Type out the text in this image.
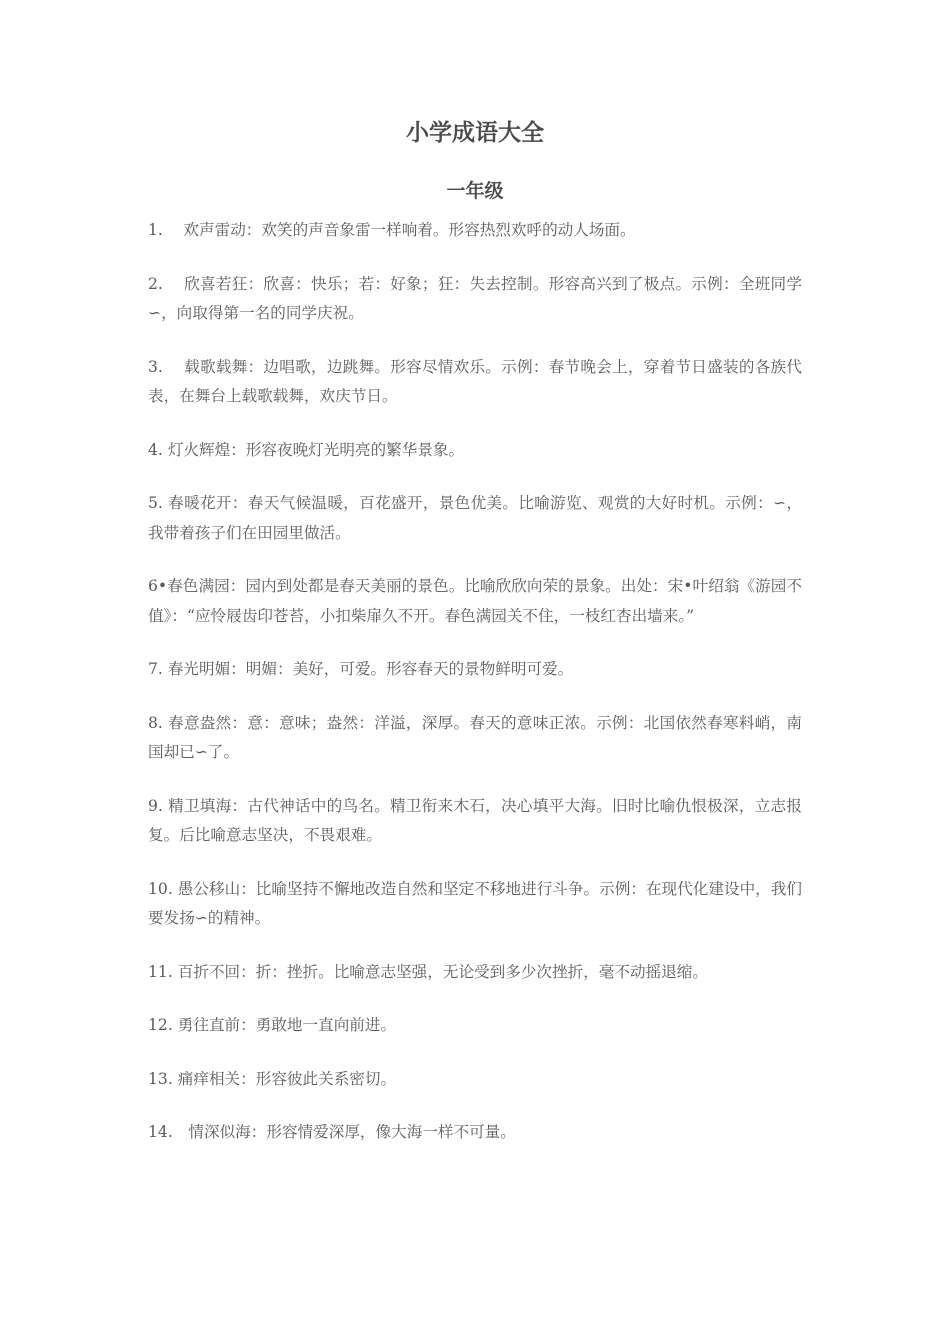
小学成语大全
一年级

1.　 欢声雷动：欢笑的声音象雷一样响着。形容热烈欢呼的动人场面。

2.　 欣喜若狂：欣喜：快乐；若：好象；狂：失去控制。形容高兴到了极点。示例：全班同学∽，向取得第一名的同学庆祝。

3.　 载歌载舞：边唱歌，边跳舞。形容尽情欢乐。示例：春节晚会上，穿着节日盛装的各族代表，在舞台上载歌载舞，欢庆节日。

4. 灯火辉煌：形容夜晚灯光明亮的繁华景象。

5. 春暖花开：春天气候温暖，百花盛开，景色优美。比喻游览、观赏的大好时机。示例：∽，我带着孩子们在田园里做活。

6•春色满园：园内到处都是春天美丽的景色。比喻欣欣向荣的景象。出处：宋•叶绍翁《游园不值》：“应怜屐齿印苍苔，小扣柴扉久不开。春色满园关不住，一枝红杏出墙来。”

7. 春光明媚：明媚：美好，可爱。形容春天的景物鲜明可爱。

8. 春意盎然：意：意味；盎然：洋溢，深厚。春天的意味正浓。示例：北国依然春寒料峭，南国却已∽了。

9. 精卫填海：古代神话中的鸟名。精卫衔来木石，决心填平大海。旧时比喻仇恨极深，立志报复。后比喻意志坚决，不畏艰难。

10. 愚公移山：比喻坚持不懈地改造自然和坚定不移地进行斗争。示例：在现代化建设中，我们要发扬∽的精神。

11. 百折不回：折：挫折。比喻意志坚强，无论受到多少次挫折，毫不动摇退缩。

12. 勇往直前：勇敢地一直向前进。

13. 痛痒相关：形容彼此关系密切。

14.　情深似海：形容情爱深厚，像大海一样不可量。
